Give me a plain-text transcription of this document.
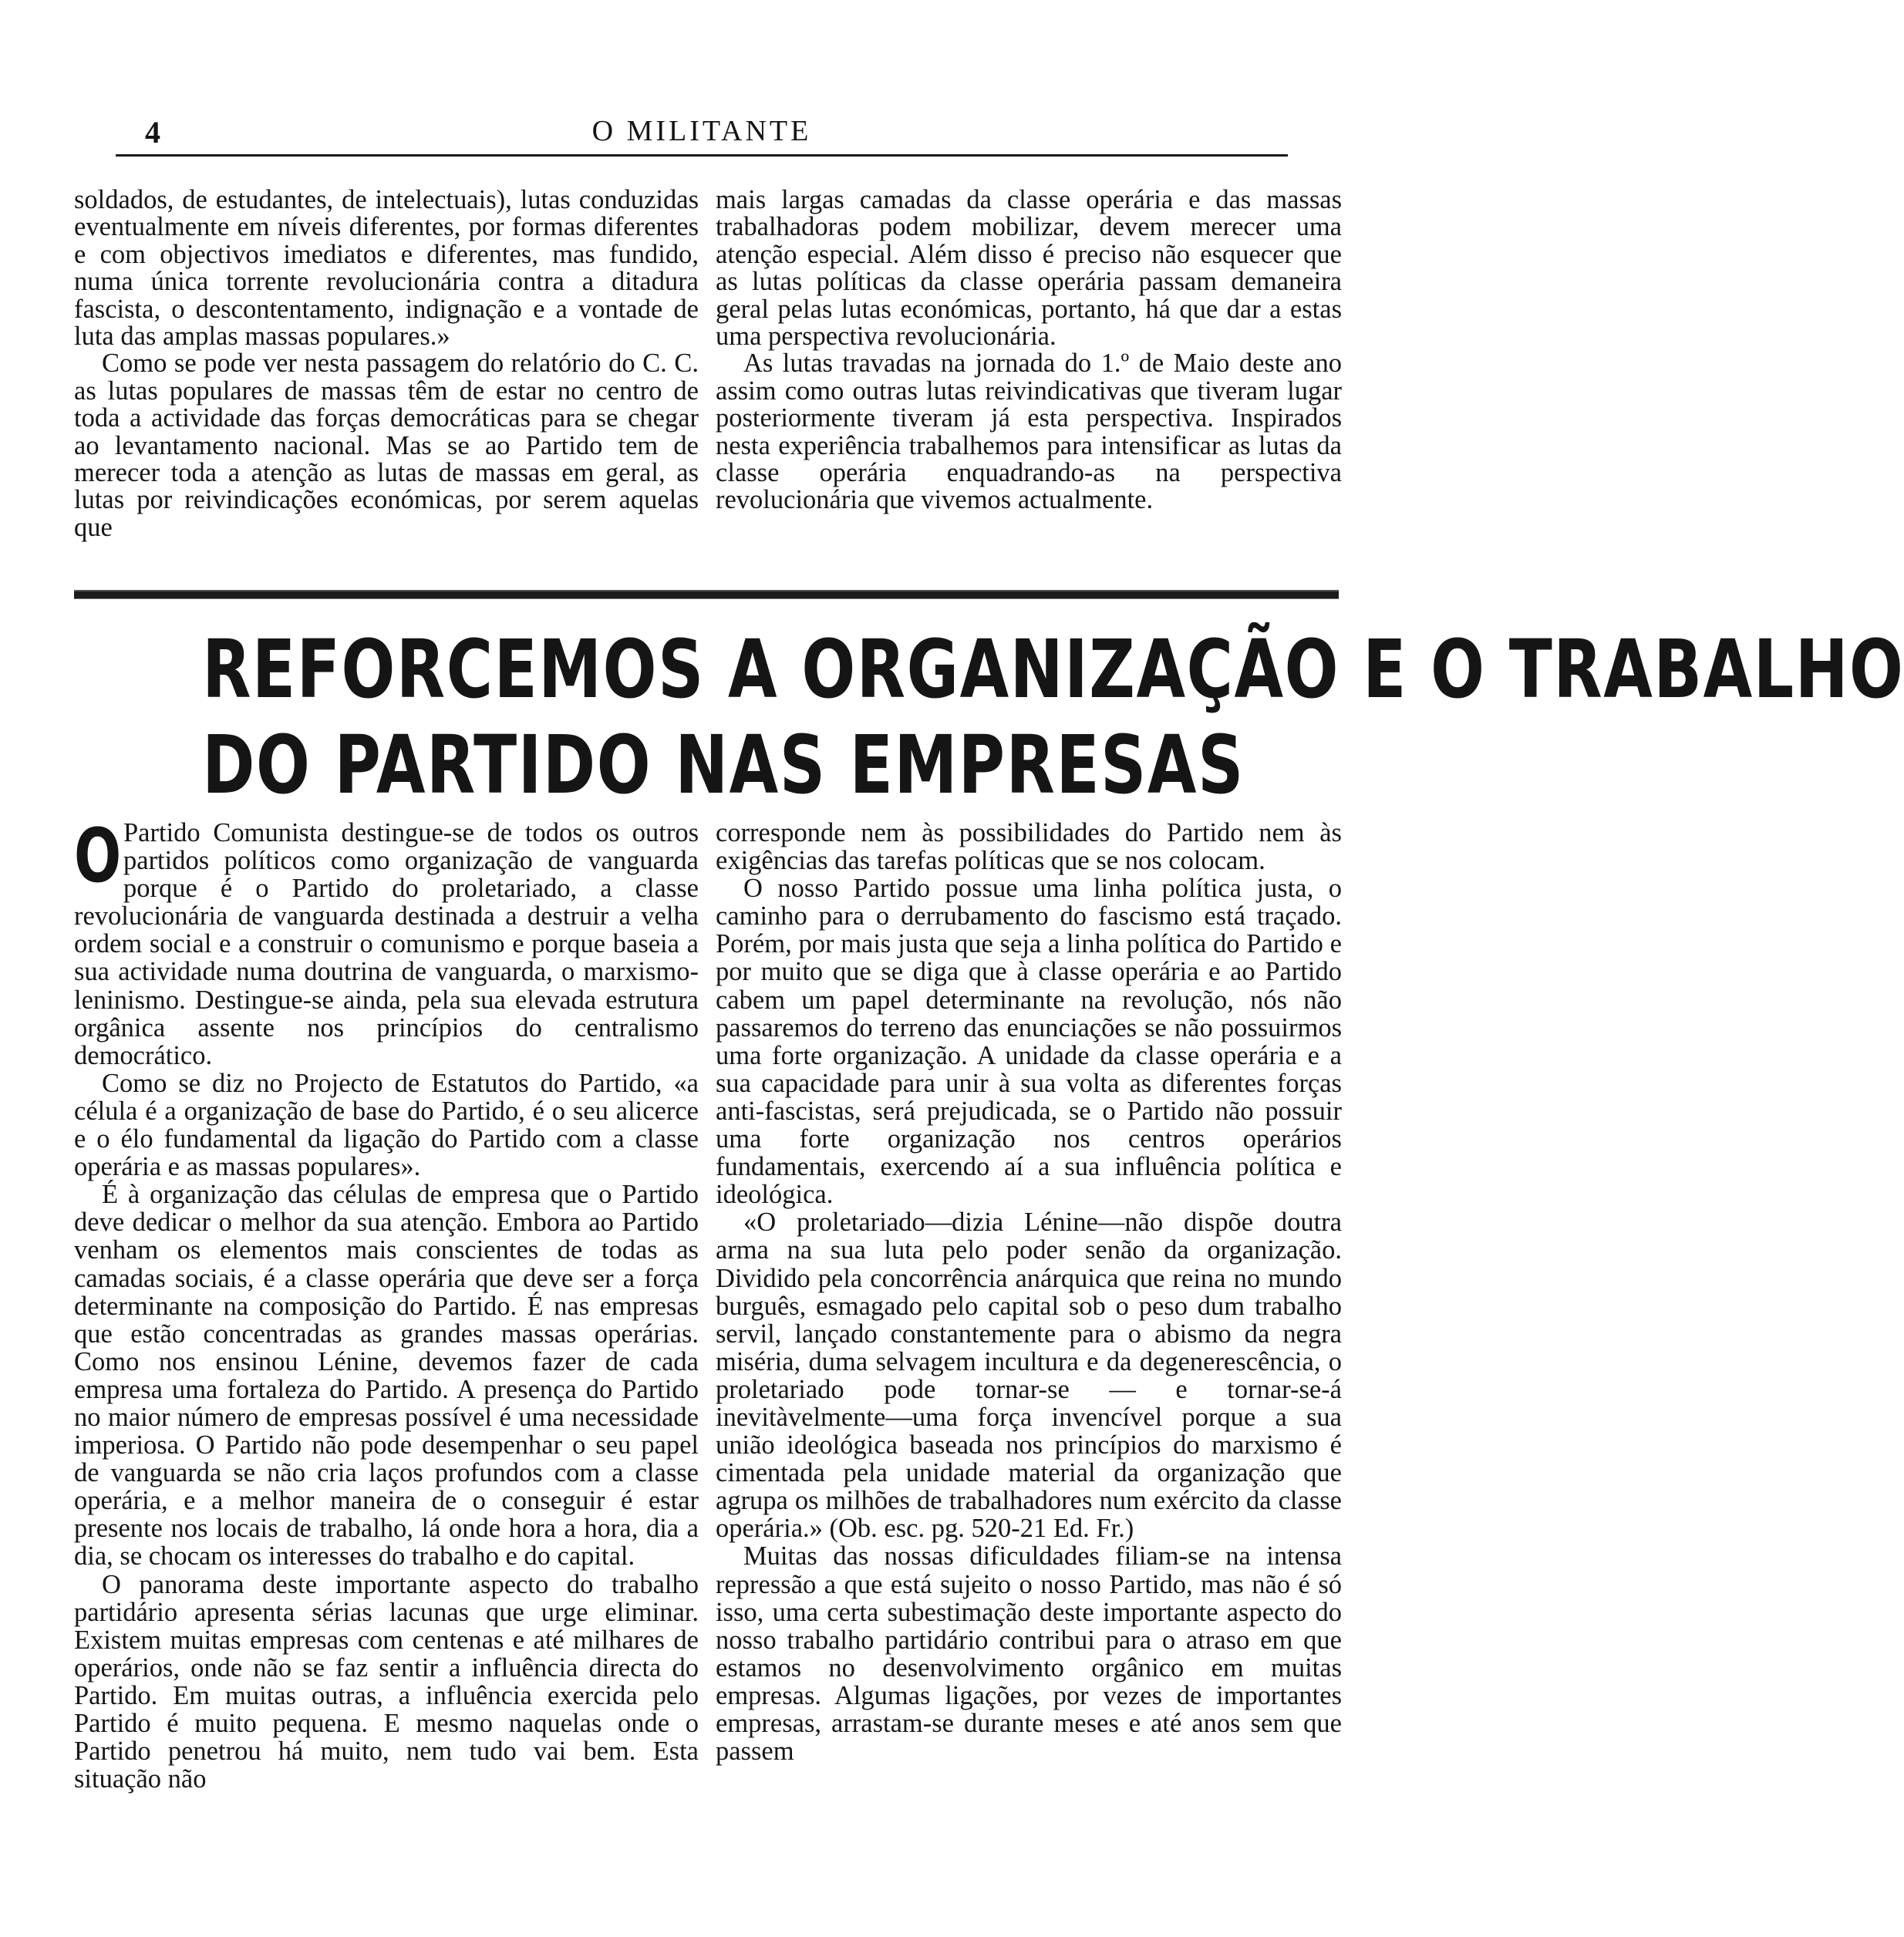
4	O MILITANTE

soldados, de estudantes, de intelectuais), lutas conduzidas eventualmente em níveis diferentes, por formas diferentes e com objectivos imediatos e diferentes, mas fundido, numa única torrente revolucionária contra a ditadura fascista, o descontentamento, indignação e a vontade de luta das amplas massas populares.»

Como se pode ver nesta passagem do relatório do C. C. as lutas populares de massas têm de estar no centro de toda a actividade das forças democráticas para se chegar ao levantamento nacional. Mas se ao Partido tem de merecer toda a atenção as lutas de massas em geral, as lutas por reivindicações económicas, por serem aquelas que

mais largas camadas da classe operária e das massas trabalhadoras podem mobilizar, devem merecer uma atenção especial. Além disso é preciso não esquecer que as lutas políticas da classe operária passam demaneira geral pelas lutas económicas, portanto, há que dar a estas uma perspectiva revolucionária.

As lutas travadas na jornada do 1.º de Maio deste ano assim como outras lutas reivindicativas que tiveram lugar posteriormente tiveram já esta perspectiva. Inspirados nesta experiência trabalhemos para intensificar as lutas da classe operária enquadrando-as na perspectiva revolucionária que vivemos actualmente.

REFORCEMOS A ORGANIZAÇÃO E O TRABALHO
DO PARTIDO NAS EMPRESAS
O Partido Comunista destingue-se de todos os outros partidos políticos como organização de vanguarda porque é o Partido do proletariado, a classe revolucionária de vanguarda destinada a destruir a velha ordem social e a construir o comunismo e porque baseia a sua actividade numa doutrina de vanguarda, o marxismo-leninismo. Destingue-se ainda, pela sua elevada estrutura orgânica assente nos princípios do centralismo democrático.

Como se diz no Projecto de Estatutos do Partido, «a célula é a organização de base do Partido, é o seu alicerce e o élo fundamental da ligação do Partido com a classe operária e as massas populares».

É à organização das células de empresa que o Partido deve dedicar o melhor da sua atenção. Embora ao Partido venham os elementos mais conscientes de todas as camadas sociais, é a classe operária que deve ser a força determinante na composição do Partido. É nas empresas que estão concentradas as grandes massas operárias. Como nos ensinou Lénine, devemos fazer de cada empresa uma fortaleza do Partido. A presença do Partido no maior número de empresas possível é uma necessidade imperiosa. O Partido não pode desempenhar o seu papel de vanguarda se não cria laços profundos com a classe operária, e a melhor maneira de o conseguir é estar presente nos locais de trabalho, lá onde hora a hora, dia a dia, se chocam os interesses do trabalho e do capital.

O panorama deste importante aspecto do trabalho partidário apresenta sérias lacunas que urge eliminar. Existem muitas empresas com centenas e até milhares de operários, onde não se faz sentir a influência directa do Partido. Em muitas outras, a influência exercida pelo Partido é muito pequena. E mesmo naquelas onde o Partido penetrou há muito, nem tudo vai bem. Esta situação não

corresponde nem às possibilidades do Partido nem às exigências das tarefas políticas que se nos colocam.

O nosso Partido possue uma linha política justa, o caminho para o derrubamento do fascismo está traçado. Porém, por mais justa que seja a linha política do Partido e por muito que se diga que à classe operária e ao Partido cabem um papel determinante na revolução, nós não passaremos do terreno das enunciações se não possuirmos uma forte organização. A unidade da classe operária e a sua capacidade para unir à sua volta as diferentes forças anti-fascistas, será prejudicada, se o Partido não possuir uma forte organização nos centros operários fundamentais, exercendo aí a sua influência política e ideológica.

«O proletariado—dizia Lénine—não dispõe doutra arma na sua luta pelo poder senão da organização. Dividido pela concorrência anárquica que reina no mundo burguês, esmagado pelo capital sob o peso dum trabalho servil, lançado constantemente para o abismo da negra miséria, duma selvagem incultura e da degenerescência, o proletariado pode tornar-se — e tornar-se-á inevitàvelmente—uma força invencível porque a sua união ideológica baseada nos princípios do marxismo é cimentada pela unidade material da organização que agrupa os milhões de trabalhadores num exército da classe operária.» (Ob. esc. pg. 520-21 Ed. Fr.)

Muitas das nossas dificuldades filiam-se na intensa repressão a que está sujeito o nosso Partido, mas não é só isso, uma certa subestimação deste importante aspecto do nosso trabalho partidário contribui para o atraso em que estamos no desenvolvimento orgânico em muitas empresas. Algumas ligações, por vezes de importantes empresas, arrastam-se durante meses e até anos sem que passem
